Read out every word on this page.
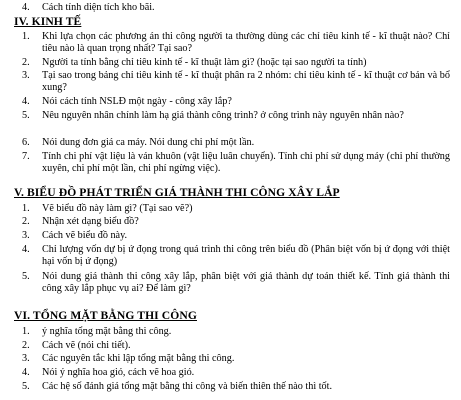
4. Cách tính diện tích kho bãi.
IV. KINH TẾ
1. Khi lựa chọn các phương án thi công người ta thường dùng các chỉ tiêu kinh tế - kĩ thuật nào? Chỉ tiêu nào là quan trọng nhất? Tại sao?
2. Người ta tính bằng chỉ tiêu kinh tế - kĩ thuật làm gì? (hoặc tại sao người ta tính)
3. Tại sao trong bảng chỉ tiêu kinh tế - kĩ thuật phân ra 2 nhóm: chỉ tiêu kinh tế - kĩ thuật cơ bản và bổ xung?
4. Nói cách tính NSLĐ một ngày - công xây lắp?
5. Nêu nguyên nhân chính làm hạ giá thành công trình? ở công trình này nguyên nhân nào?
6. Nói dung đơn giá ca máy. Nói dung chi phí một lần.
7. Tính chi phí vật liệu là ván khuôn (vật liệu luân chuyển). Tính chi phí sử dụng máy (chi phí thường xuyên, chi phí một lần, chi phí ngừng việc).
V. BIỂU ĐỒ PHÁT TRIỂN GIÁ THÀNH THI CÔNG XÂY LẮP
1. Vẽ biểu đồ này làm gì? (Tại sao vẽ?)
2. Nhận xét dạng biểu đồ?
3. Cách vẽ biểu đồ này.
4. Chỉ lượng vốn dự bị ứ đọng trong quá trình thi công trên biểu đồ (Phân biệt vốn bị ứ đọng với thiệt hại vốn bị ứ đọng)
5. Nói dung giá thành thi công xây lắp, phân biệt với giá thành dự toán thiết kế. Tính giá thành thi công xây lắp phục vụ ai? Để làm gì?
VI. TỔNG MẶT BẰNG THI CÔNG
1. ý nghĩa tổng mặt bằng thi công.
2. Cách vẽ (nói chi tiết).
3. Các nguyên tắc khi lập tổng mặt bằng thi công.
4. Nói ý nghĩa hoa gió, cách vẽ hoa gió.
5. Các hệ số đánh giá tổng mặt bằng thi công và biến thiên thế nào thì tốt.
